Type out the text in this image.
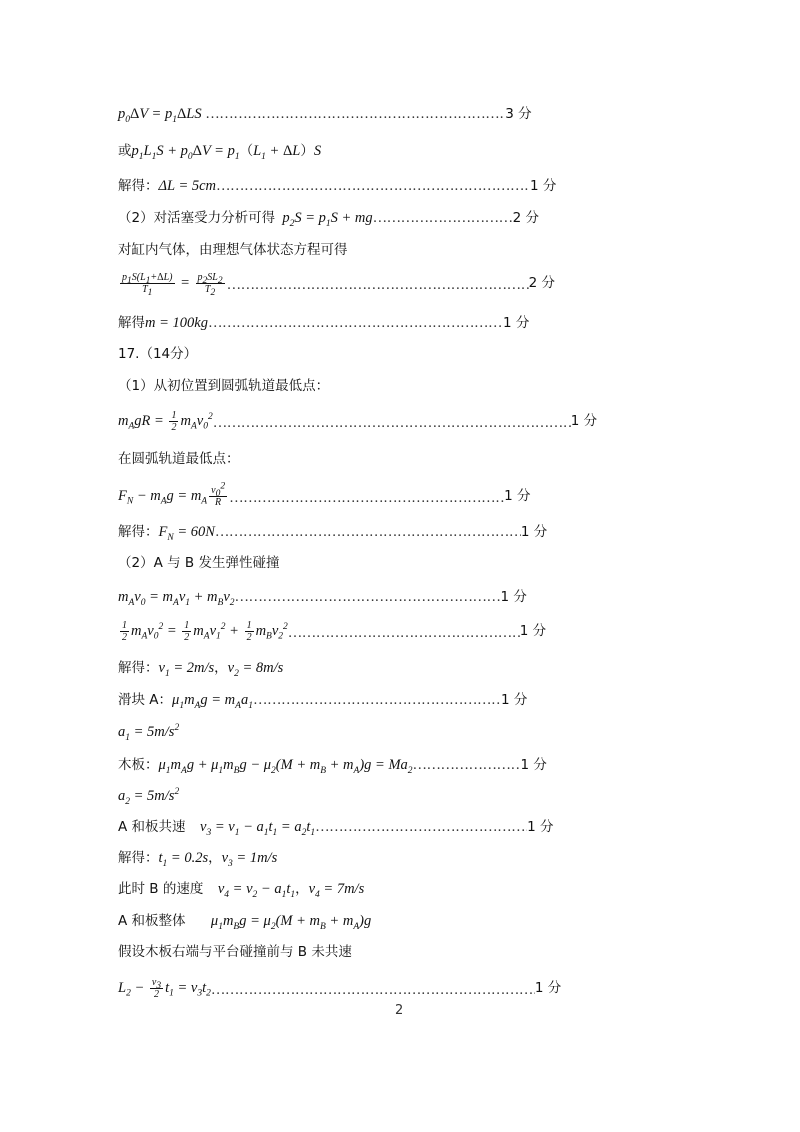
$p_0\Delta V = p_1\Delta LS$ ……………………………………………………………………………………………………………………………………	3 分
或$p_1L_1S + p_0\Delta V = p_1(L_1 + \Delta L)S$
解得：ΔL = 5cm……………………………………………………………………………………………………………………………………	1 分
（2）对活塞受力分析可得  $p_2S = p_1S$ + mg……………………………………………………………………………………………………………………………………	2 分
对缸内气体，由理想气体状态方程可得
$\frac{p_1S(L_1+\Delta L)}{T_1} = \frac{p_2SL_2}{T_2}$
……………………………………………………………………………………………………………………………………	2 分
解得m = 100kg……………………………………………………………………………………………………………………………………	1 分
17.（14分）
（1）从初位置到圆弧轨道最低点：
$m_AgR = \frac{1}{2}$ $m_Av_0^2\dots\dots\dots\dots\dots\dots\dots\dots\dots\dots\dots\dots\dots\dots\dots\dots\dots\dots\dots\dots\dots\dots\dots\dots\dots\dots\dots\dots\dots\dots\dots\dots\dots\dots\dots\dots\dots\dots\dots\dots\dots\dots\dots\dots\dots\dots\dots\dots\dots\dots$	1 分
在圆弧轨道最低点：
$F_N - m_Ag = m_A \frac{v_0^2}{R}$
……………………………………………………………………………………………………………………………………	1 分
解得：$F_N$ = 60N……………………………………………………………………………………………………………………………………	1 分
（2）A 与 B 发生弹性碰撞
$m_Av_0 = m_Av_1$ + $m_Bv_2\dots\dots\dots\dots\dots\dots\dots\dots\dots\dots\dots\dots\dots\dots\dots\dots\dots\dots\dots\dots\dots\dots\dots\dots\dots\dots\dots\dots\dots\dots\dots\dots\dots\dots\dots\dots\dots\dots\dots\dots\dots\dots\dots\dots\dots\dots\dots\dots\dots\dots$	1 分
$\frac{1}{2} m_Av_0^2 = \frac{1}{2} m_Av_1^2 + \frac{1}{2}$ $m_Bv_2^2\dots\dots\dots\dots\dots\dots\dots\dots\dots\dots\dots\dots\dots\dots\dots\dots\dots\dots\dots\dots\dots\dots\dots\dots\dots\dots\dots\dots\dots\dots\dots\dots\dots\dots\dots\dots\dots\dots\dots\dots\dots\dots\dots\dots\dots\dots\dots\dots\dots\dots$	1 分
解得：$v_1 = 2m/s$，$v_2 = 8m/s$
滑块 A：$\mu_1m_Ag$ = $m_Aa_1\dots\dots\dots\dots\dots\dots\dots\dots\dots\dots\dots\dots\dots\dots\dots\dots\dots\dots\dots\dots\dots\dots\dots\dots\dots\dots\dots\dots\dots\dots\dots\dots\dots\dots\dots\dots\dots\dots\dots\dots\dots\dots\dots\dots\dots\dots\dots\dots\dots\dots$	1 分
$a_1 = 5m/s^2$
木板：$\mu_1m_Ag + \mu_1m_Bg - \mu_2(M + m_B + m_A)g$ = $Ma_2\dots\dots\dots\dots\dots\dots\dots\dots\dots\dots\dots\dots\dots\dots\dots\dots\dots\dots\dots\dots\dots\dots\dots\dots\dots\dots\dots\dots\dots\dots\dots\dots\dots\dots\dots\dots\dots\dots\dots\dots\dots\dots\dots\dots\dots\dots\dots\dots\dots\dots$	1 分
$a_2 = 5m/s^2$
A 和板共速    $v_3 = v_1 - a_1t_1$ = $a_2t_1\dots\dots\dots\dots\dots\dots\dots\dots\dots\dots\dots\dots\dots\dots\dots\dots\dots\dots\dots\dots\dots\dots\dots\dots\dots\dots\dots\dots\dots\dots\dots\dots\dots\dots\dots\dots\dots\dots\dots\dots\dots\dots\dots\dots\dots\dots\dots\dots\dots\dots$	1 分
解得：$t_1 = 0.2s$，$v_3 = 1m/s$
此时 B 的速度    $v_4 = v_2 - a_1t_1$，$v_4 = 7m/s$
A 和板整体       $\mu_1m_Bg = \mu_2(M + m_B + m_A)g$
假设木板右端与平台碰撞前与 B 未共速
$L_2 - \frac{v_3}{2} t_1$ = $v_3t_2\dots\dots\dots\dots\dots\dots\dots\dots\dots\dots\dots\dots\dots\dots\dots\dots\dots\dots\dots\dots\dots\dots\dots\dots\dots\dots\dots\dots\dots\dots\dots\dots\dots\dots\dots\dots\dots\dots\dots\dots\dots\dots\dots\dots\dots\dots\dots\dots\dots\dots$	1 分
2
